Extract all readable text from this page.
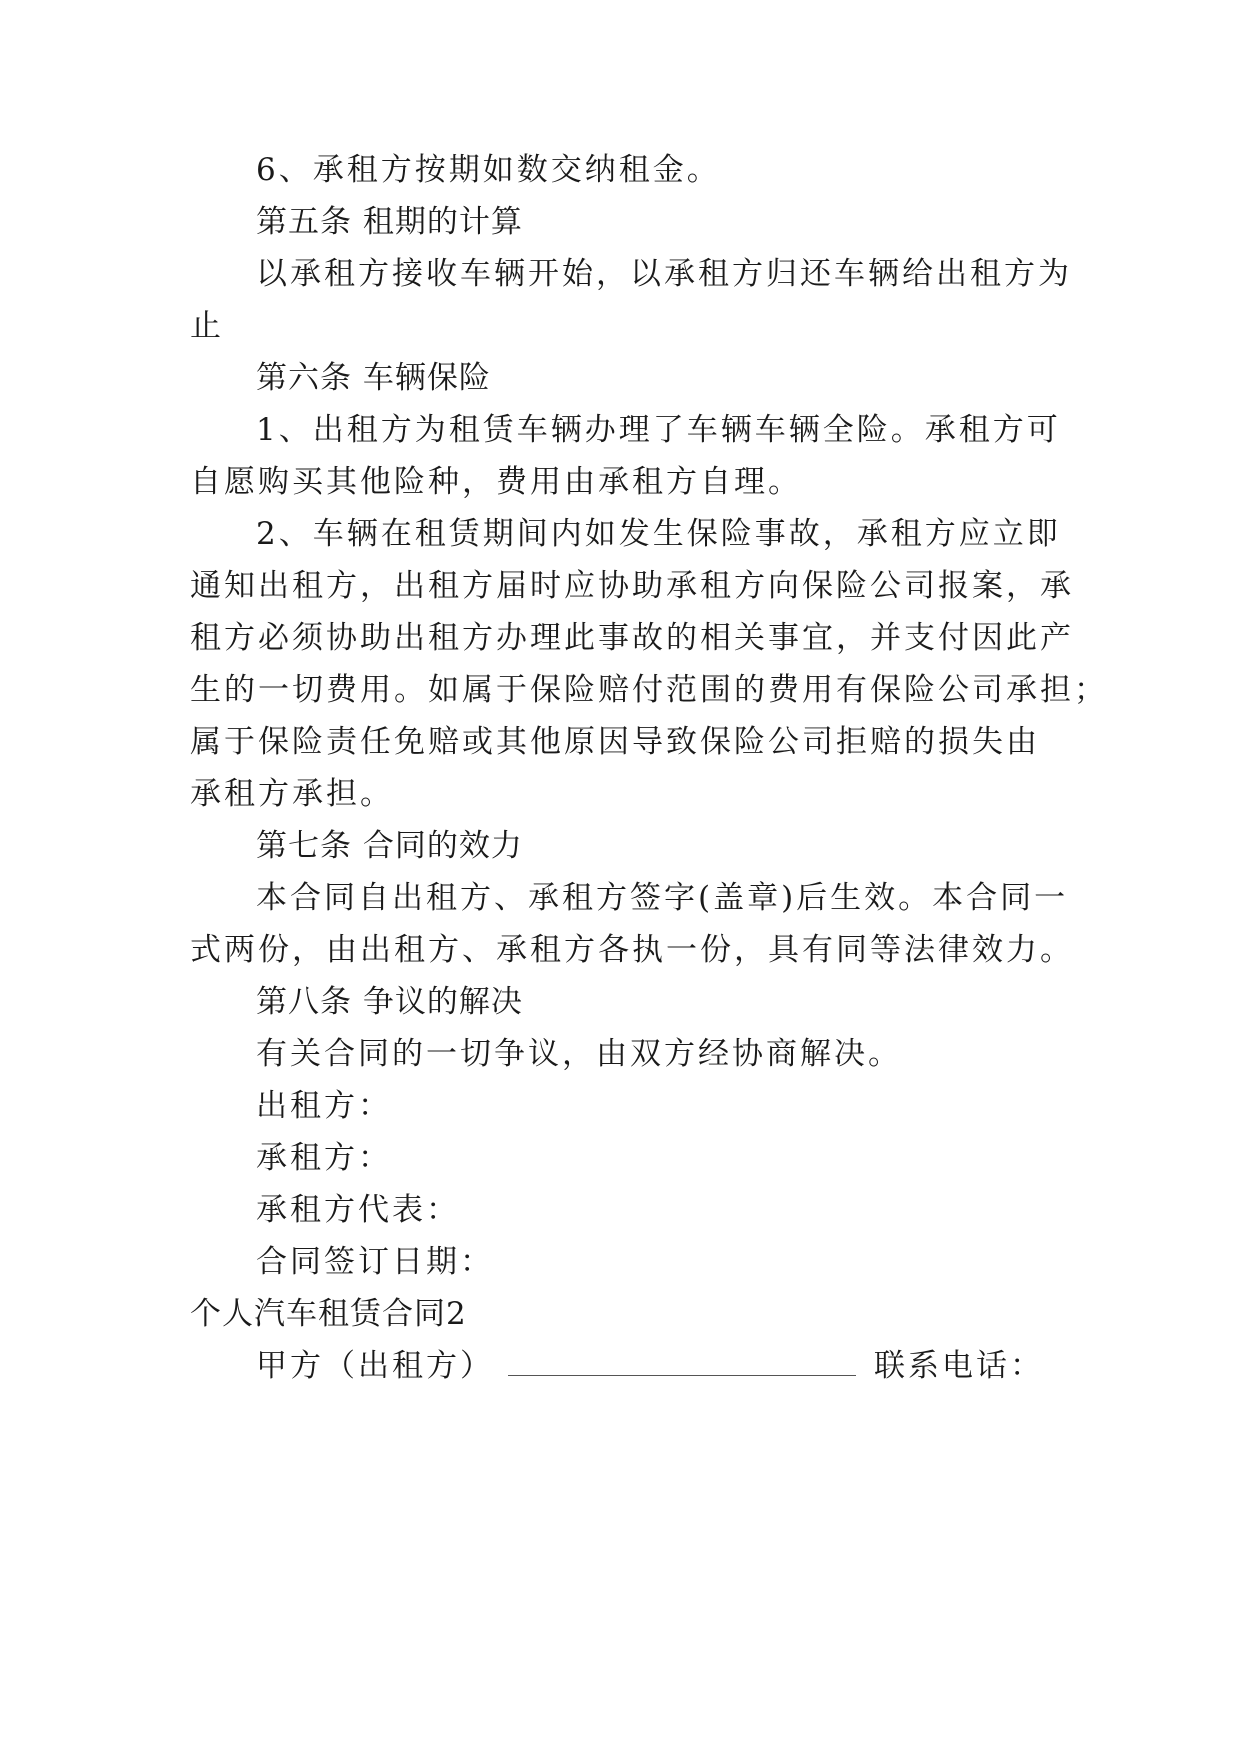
6、承租方按期如数交纳租金。
第五条 租期的计算
以承租方接收车辆开始，以承租方归还车辆给出租方为
止
第六条 车辆保险
1、出租方为租赁车辆办理了车辆车辆全险。承租方可
自愿购买其他险种，费用由承租方自理。
2、车辆在租赁期间内如发生保险事故，承租方应立即
通知出租方，出租方届时应协助承租方向保险公司报案，承
租方必须协助出租方办理此事故的相关事宜，并支付因此产
生的一切费用。如属于保险赔付范围的费用有保险公司承担；
属于保险责任免赔或其他原因导致保险公司拒赔的损失由
承租方承担。
第七条 合同的效力
本合同自出租方、承租方签字(盖章)后生效。本合同一
式两份，由出租方、承租方各执一份，具有同等法律效力。
第八条 争议的解决
有关合同的一切争议，由双方经协商解决。
出租方：
承租方：
承租方代表：
合同签订日期：
个人汽车租赁合同2
甲方（出租方）	联系电话：
